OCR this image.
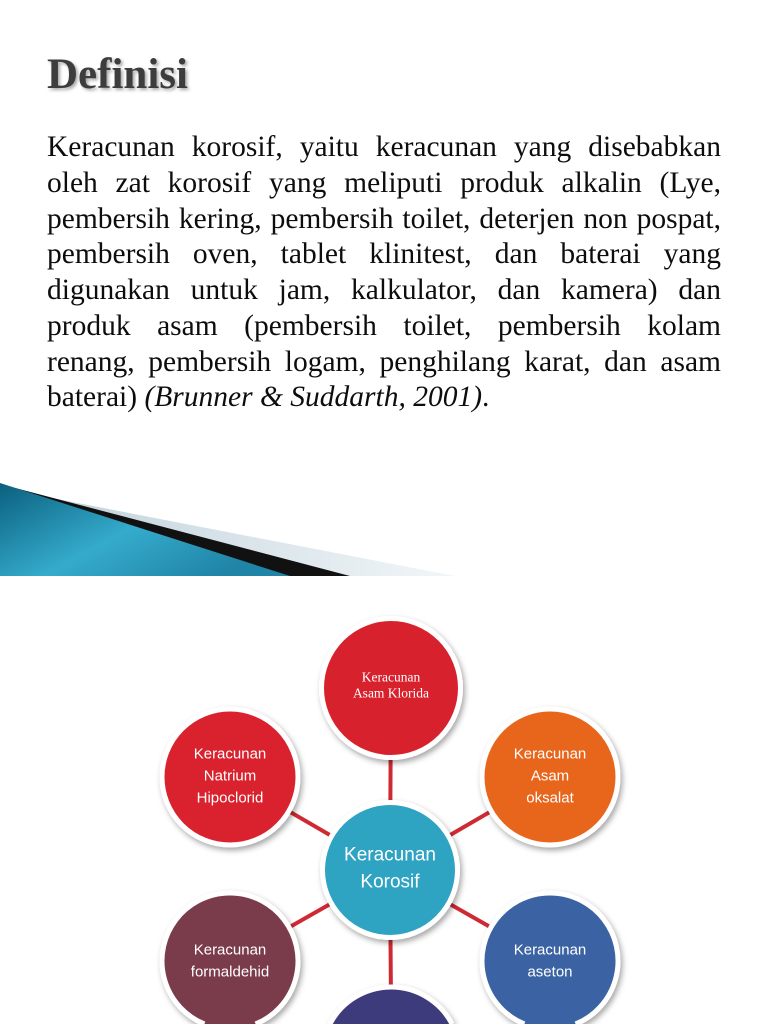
Definisi
Keracunan korosif, yaitu keracunan yang disebabkan
oleh zat korosif yang meliputi produk alkalin (Lye,
pembersih kering, pembersih toilet, deterjen non pospat,
pembersih oven, tablet klinitest, dan baterai yang
digunakan untuk jam, kalkulator, dan kamera) dan
produk asam (pembersih toilet, pembersih kolam
renang, pembersih logam, penghilang karat, dan asam
baterai) (Brunner & Suddarth, 2001).
Keracunan
Korosif
Keracunan
Asam Klorida
Keracunan
Asam
oksalat
Keracunan
aseton
Keracunan
formaldehid
Keracunan
Natrium
Hipoclorid
